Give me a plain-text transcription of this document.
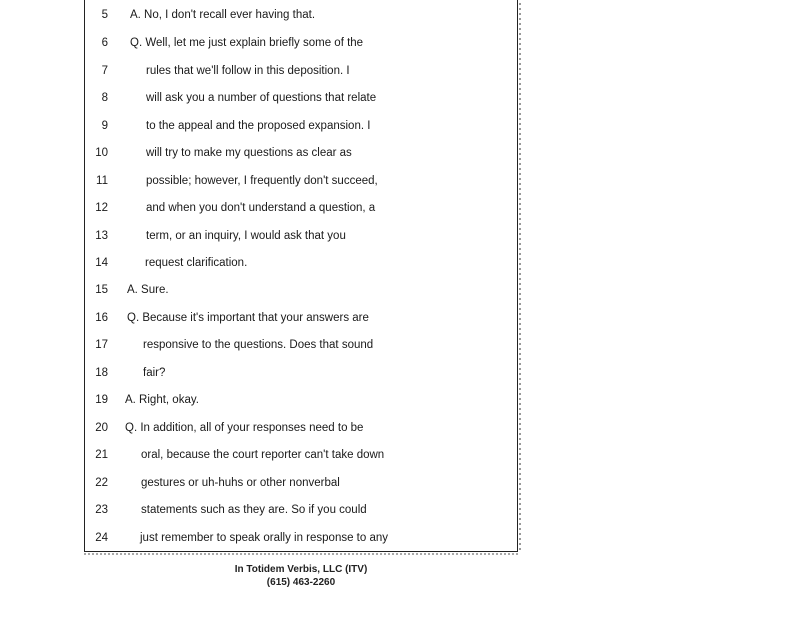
5 A. No, I don't recall ever having that.
6 Q. Well, let me just explain briefly some of the
7	rules that we'll follow in this deposition. I
8	will ask you a number of questions that relate
9	to the appeal and the proposed expansion. I
10	will try to make my questions as clear as
11	possible; however, I frequently don't succeed,
12	and when you don't understand a question, a
13	term, or an inquiry, I would ask that you
14	request clarification.
15 A. Sure.
16 Q. Because it's important that your answers are
17	responsive to the questions. Does that sound
18	fair?
19 A. Right, okay.
20 Q. In addition, all of your responses need to be
21	oral, because the court reporter can't take down
22	gestures or uh-huhs or other nonverbal
23	statements such as they are. So if you could
24	just remember to speak orally in response to any
In Totidem Verbis, LLC (ITV)
(615) 463-2260
